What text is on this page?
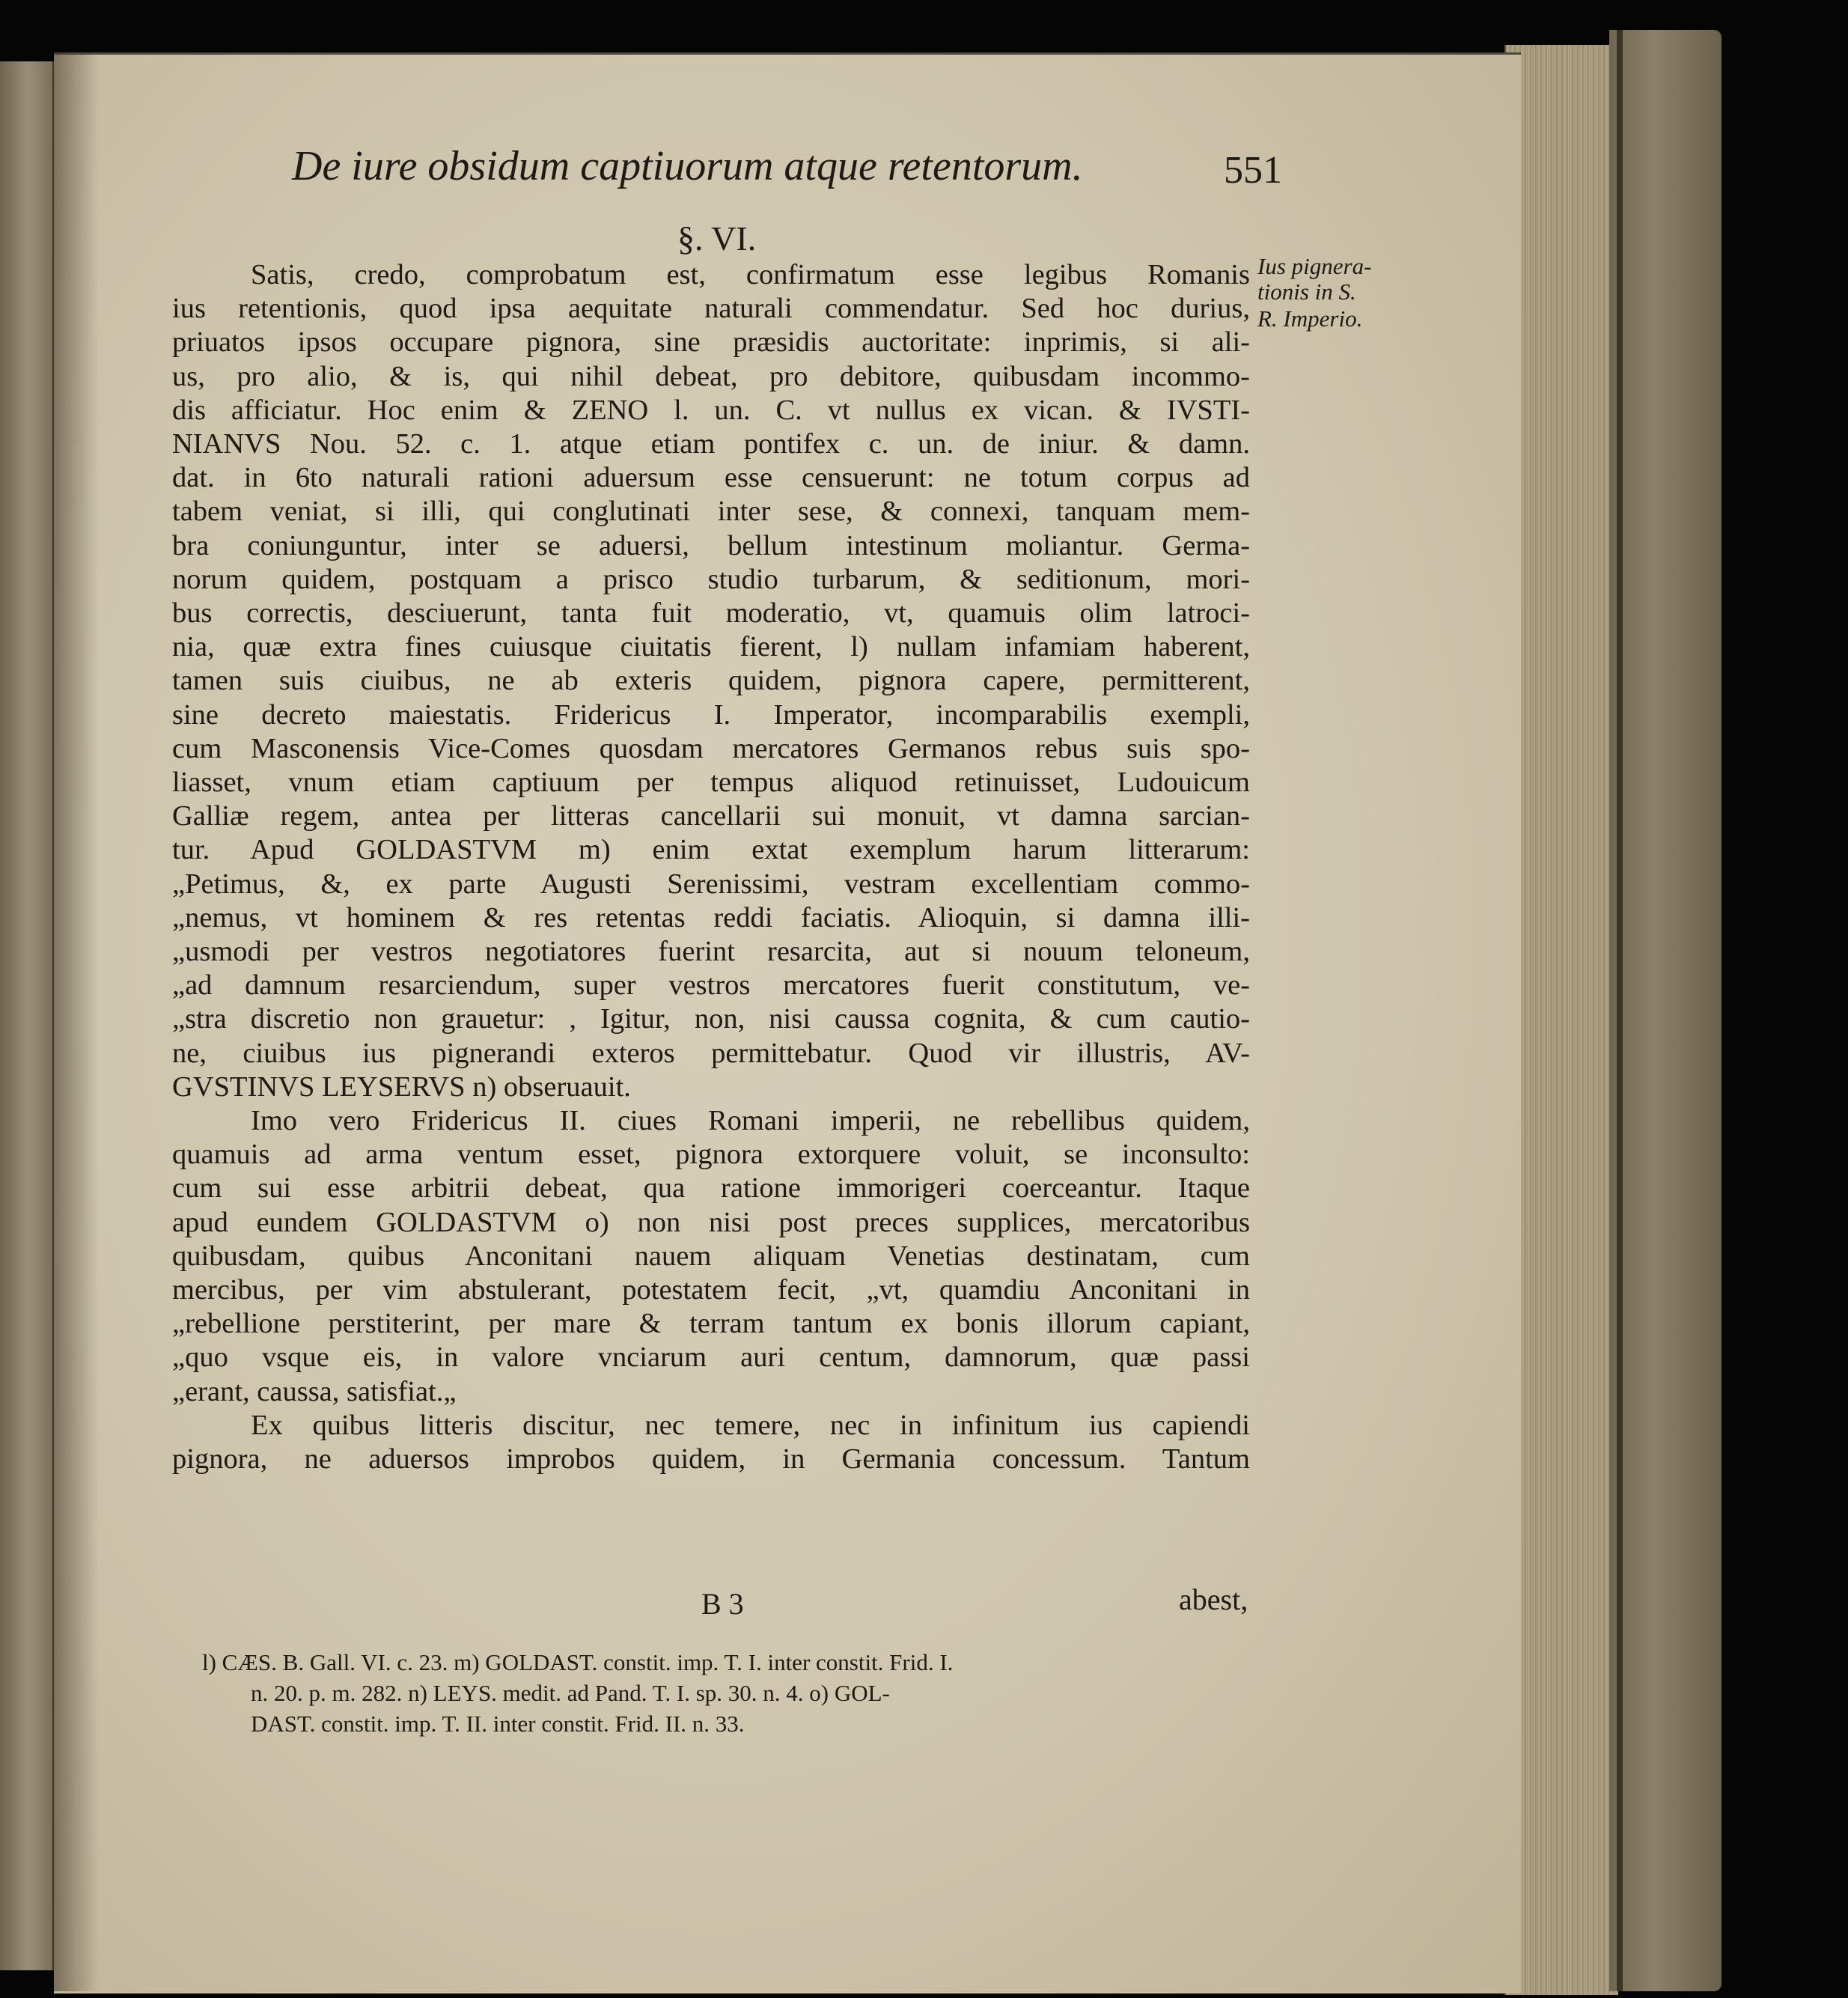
De iure obsidum captiuorum atque retentorum.	551
§. VI.
Ius pignera-
tionis in S.
R. Imperio.
Satis, credo, comprobatum est, confirmatum esse legibus Romanis
ius retentionis, quod ipsa aequitate naturali commendatur. Sed hoc durius,
priuatos ipsos occupare pignora, sine præsidis auctoritate: inprimis, si ali-
us, pro alio, & is, qui nihil debeat, pro debitore, quibusdam incommo-
dis afficiatur. Hoc enim & ZENO l. un. C. vt nullus ex vican. & IVSTI-
NIANVS Nou. 52. c. 1. atque etiam pontifex c. un. de iniur. & damn.
dat. in 6to naturali rationi aduersum esse censuerunt: ne totum corpus ad
tabem veniat, si illi, qui conglutinati inter sese, & connexi, tanquam mem-
bra coniunguntur, inter se aduersi, bellum intestinum moliantur. Germa-
norum quidem, postquam a prisco studio turbarum, & seditionum, mori-
bus correctis, desciuerunt, tanta fuit moderatio, vt, quamuis olim latroci-
nia, quæ extra fines cuiusque ciuitatis fierent, l) nullam infamiam haberent,
tamen suis ciuibus, ne ab exteris quidem, pignora capere, permitterent,
sine decreto maiestatis. Fridericus I. Imperator, incomparabilis exempli,
cum Masconensis Vice-Comes quosdam mercatores Germanos rebus suis spo-
liasset, vnum etiam captiuum per tempus aliquod retinuisset, Ludouicum
Galliæ regem, antea per litteras cancellarii sui monuit, vt damna sarcian-
tur. Apud GOLDASTVM m) enim extat exemplum harum litterarum:
„Petimus, &, ex parte Augusti Serenissimi, vestram excellentiam commo-
„nemus, vt hominem & res retentas reddi faciatis. Alioquin, si damna illi-
„usmodi per vestros negotiatores fuerint resarcita, aut si nouum teloneum,
„ad damnum resarciendum, super vestros mercatores fuerit constitutum, ve-
„stra discretio non grauetur: , Igitur, non, nisi caussa cognita, & cum cautio-
ne, ciuibus ius pignerandi exteros permittebatur. Quod vir illustris, AV-
GVSTINVS LEYSERVS n) obseruauit.
Imo vero Fridericus II. ciues Romani imperii, ne rebellibus quidem,
quamuis ad arma ventum esset, pignora extorquere voluit, se inconsulto:
cum sui esse arbitrii debeat, qua ratione immorigeri coerceantur. Itaque
apud eundem GOLDASTVM o) non nisi post preces supplices, mercatoribus
quibusdam, quibus Anconitani nauem aliquam Venetias destinatam, cum
mercibus, per vim abstulerant, potestatem fecit, „vt, quamdiu Anconitani in
„rebellione perstiterint, per mare & terram tantum ex bonis illorum capiant,
„quo vsque eis, in valore vnciarum auri centum, damnorum, quæ passi
„erant, caussa, satisfiat.„
Ex quibus litteris discitur, nec temere, nec in infinitum ius capiendi
pignora, ne aduersos improbos quidem, in Germania concessum. Tantum
B 3	abest,
l) CÆS. B. Gall. VI. c. 23. m) GOLDAST. constit. imp. T. I. inter constit. Frid. I.
n. 20. p. m. 282. n) LEYS. medit. ad Pand. T. I. sp. 30. n. 4. o) GOL-
DAST. constit. imp. T. II. inter constit. Frid. II. n. 33.
